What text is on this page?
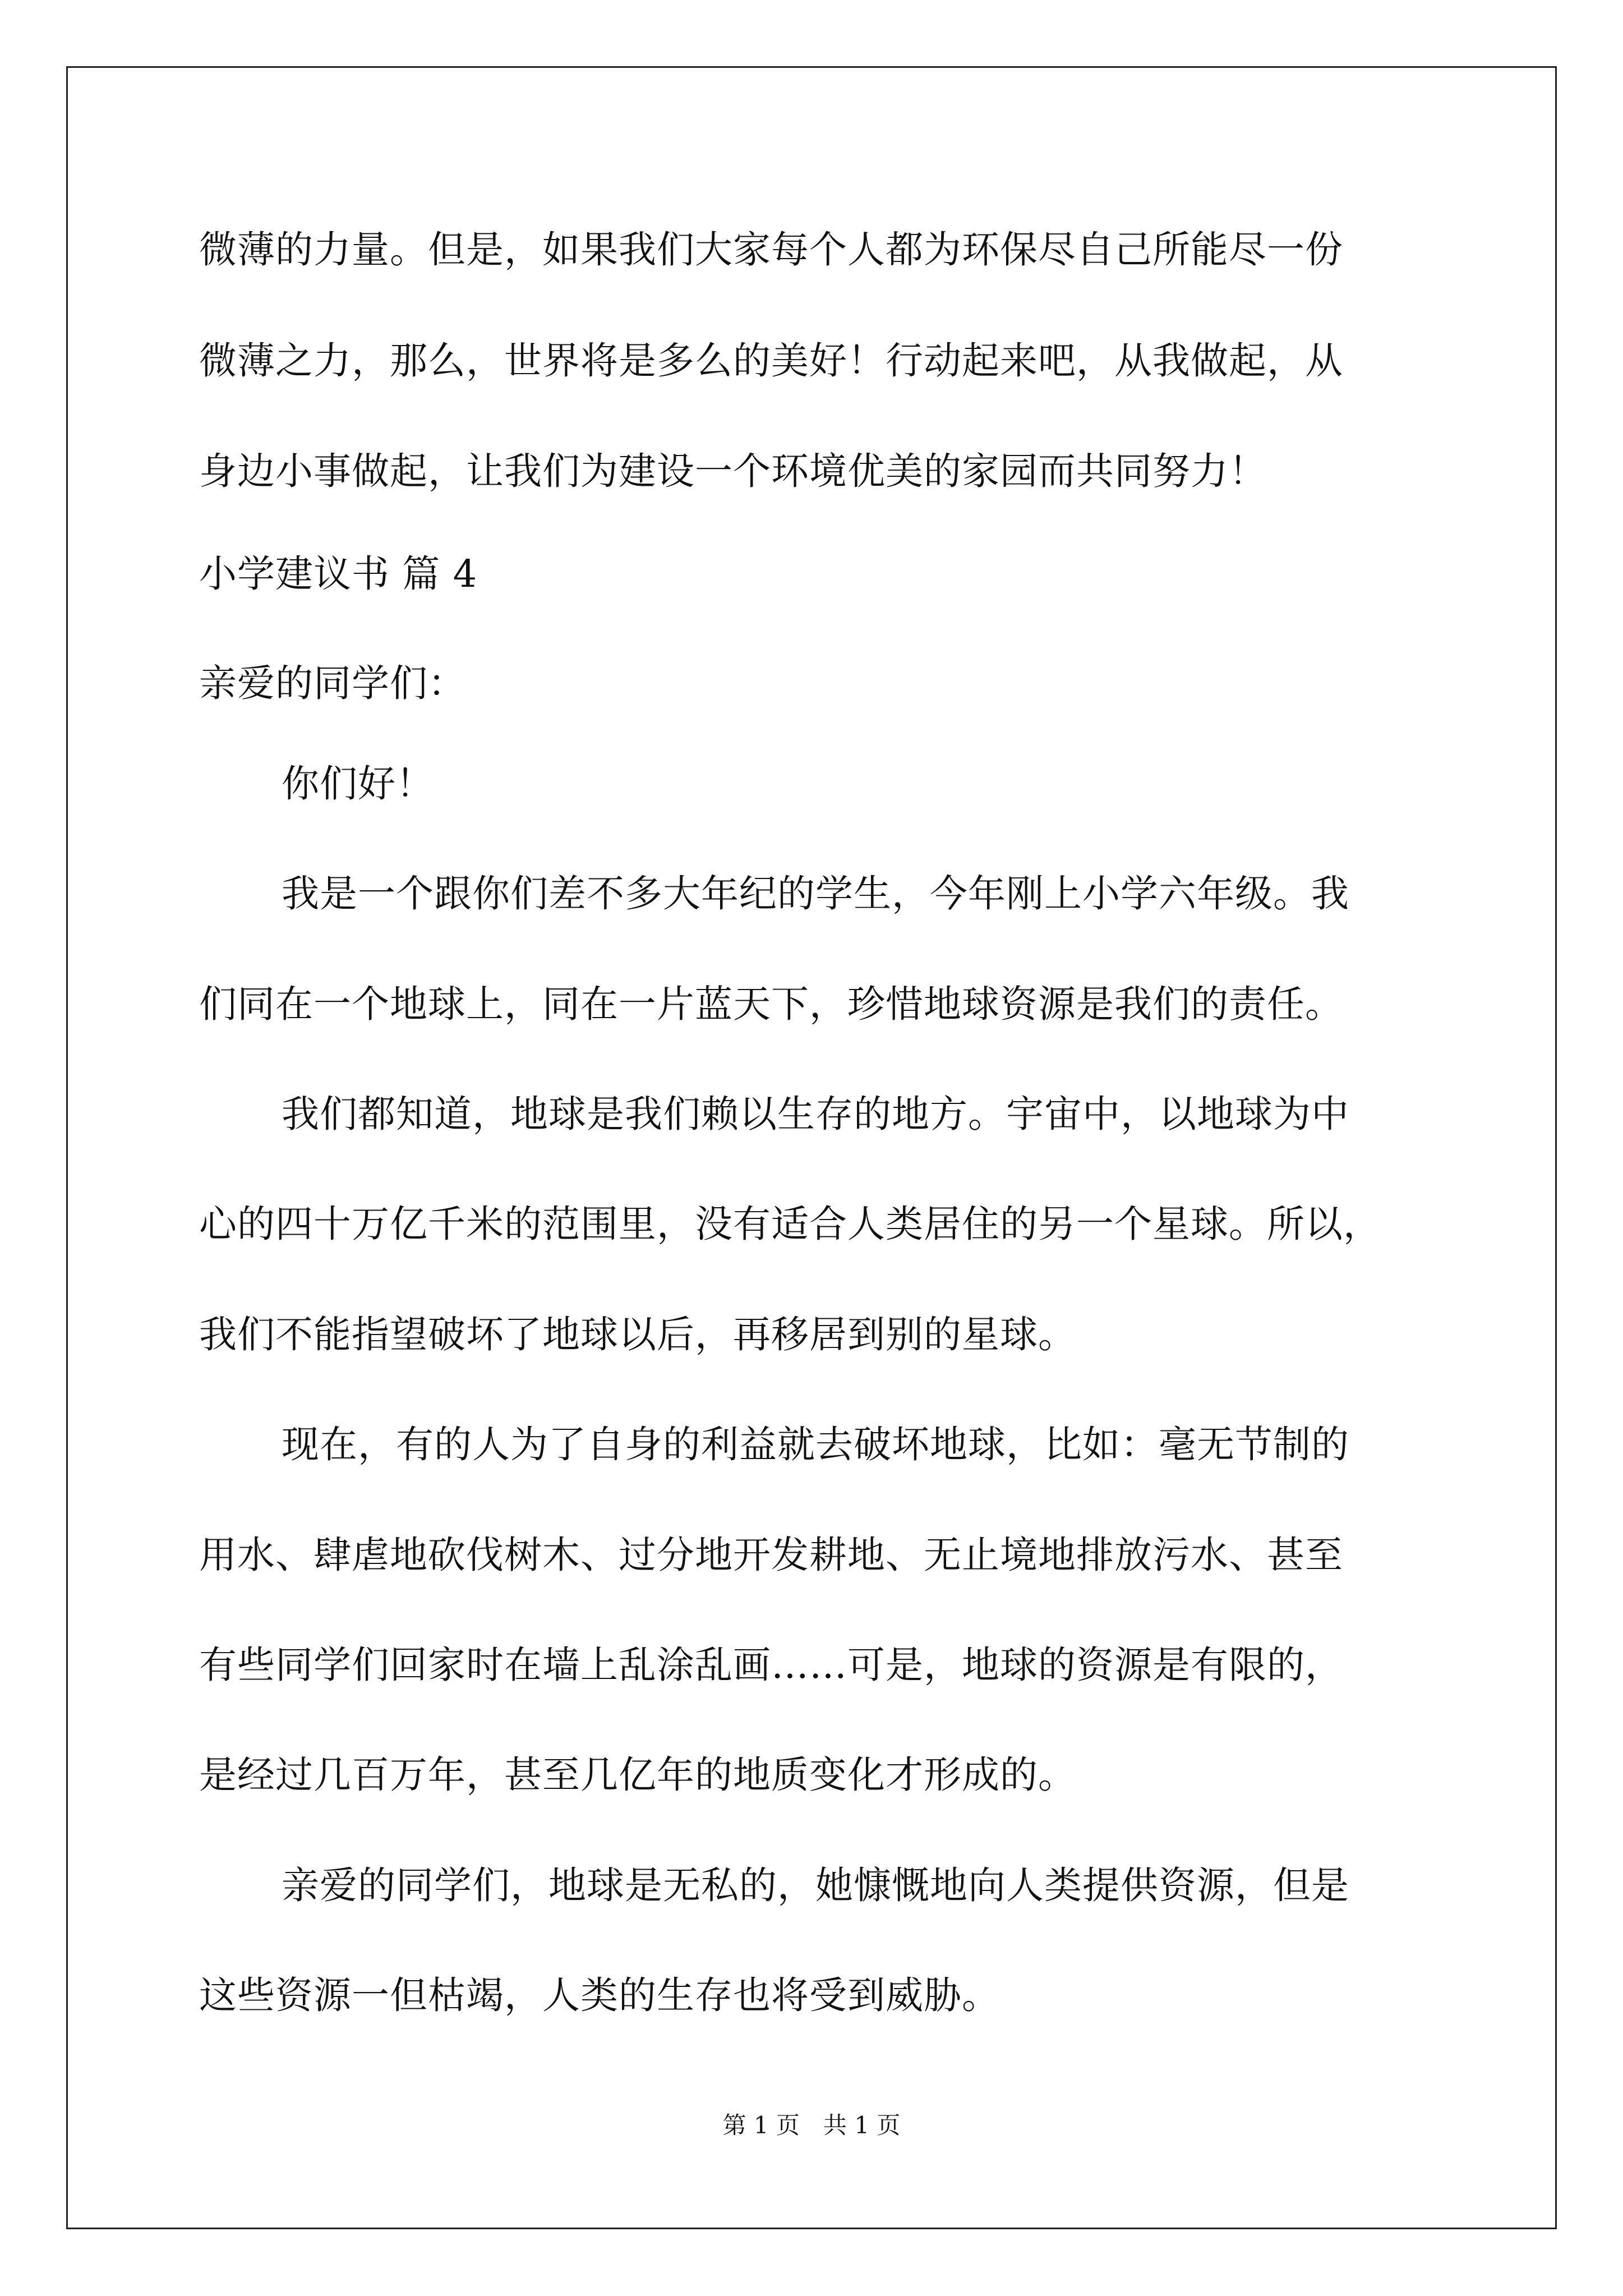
微薄的力量。但是，如果我们大家每个人都为环保尽自己所能尽一份
微薄之力，那么，世界将是多么的美好！行动起来吧，从我做起，从
身边小事做起，让我们为建设一个环境优美的家园而共同努力！
小学建议书 篇 4
亲爱的同学们：
你们好！
我是一个跟你们差不多大年纪的学生，今年刚上小学六年级。我
们同在一个地球上，同在一片蓝天下，珍惜地球资源是我们的责任。
我们都知道，地球是我们赖以生存的地方。宇宙中，以地球为中
心的四十万亿千米的范围里，没有适合人类居住的另一个星球。所以，
我们不能指望破坏了地球以后，再移居到别的星球。
现在，有的人为了自身的利益就去破坏地球，比如：毫无节制的
用水、肆虐地砍伐树木、过分地开发耕地、无止境地排放污水、甚至
有些同学们回家时在墙上乱涂乱画……可是，地球的资源是有限的，
是经过几百万年，甚至几亿年的地质变化才形成的。
亲爱的同学们，地球是无私的，她慷慨地向人类提供资源，但是
这些资源一但枯竭，人类的生存也将受到威胁。
第 1 页　共 1 页
